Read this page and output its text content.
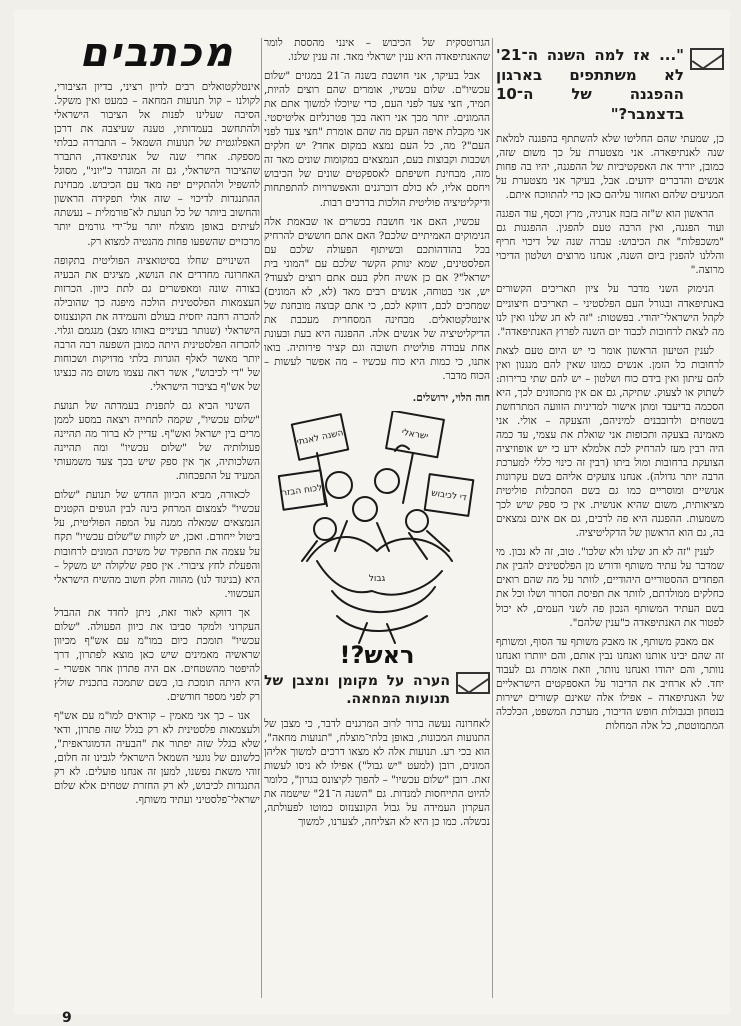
"... אז למה השנה ה־21' לא משתתפים בארגון ההפגנה של ה־10 בדצמבר?"

כן, שמעתי שהם החליטו שלא להשתתף בהפגנה למלאת שנה לאנתיפאדה. אני מצטערת על כך משום שזה, כמובן, יוריד את האפקטיביות של ההפגנה, יהיו בה פחות אנשים והדברים ידועים. אבל, בעיקר אני מצטערת על המניעים שלהם ואחזור עליהם כאן כדי להתווכח איתם.

הראשון הוא ש"זה בזבוז אנרגיה, מרץ וכסף, עוד הפגנה ועוד הפגנה, ואין הרבה טעם להפגין. ההפגנות גם "משכפלות" את הכיבוש: עברה שנה של דיכוי חריף והללנו להפגין ביום השנה, אנחנו מרוצים ושלטון הדיכוי מרוצה."

הנימוק השני מדבר על ציון תאריכים הקשורים באנתיפאדה ובגורל העם הפלסטיני – תאריכים חיצוניים לקהל הישראלי־יהודי. בפשטות: "זה לא חג שלנו ואין לנו מה לצאת לרחובות לכבוד יום השנה לפרוץ האנתיפאדה".

לענין הטיעון הראשון אומר כי יש היום טעם לצאת לרחובות כל הזמן. אנשים כמונו שאין להם מנגנון ואין להם עיתון ואין בידם כוח ושלטון – יש להם שתי ברירות: לשתוק או לצעוק. שתיקה, גם אם אין מתכוונים לכך, היא הסכמה בדיעבד ומתן אישור למדיניות הזוועה המתרחשת בשטחים ולדובבנים למיניהם, והצעקה – אולי. אני מאמינה בצעקה ותכופות אני שואלת את עצמי, עד כמה היה רבין מעז להרחיק לכת אלמלא ידע כי יש אופוזיציה הצועקת ברחובות ומול ביתו (רבין זה כינוי כללי למערכת הרבה יותר גדולה). אנחנו צועקים אליהם בשם עקרונות אנושיים ומוסריים כמו גם בשם הסתכלות פוליטית מציאותית, משום שהיא אנושית. אין כי ספק שיש לכך משמעות. ההפגנה היא פה לרבים, גם אם אינם נמצאים בה, גם הוא הראשון של הדקליטיציה.

לענין "זה לא חג שלנו ולא שלכו". טוב, זה לא נכון. מי שמדבר על עתיד משותף ודורש מן הפלסטינים להבין את הפחדים ההסטוריים היהודיים, לוותר על מה שהם רואים כחלקים ממולדתם, לוותר את תפיסת הסרור ושלו וכל את בשם העתיד המשותף הנכון פה לשני העמים, לא יכול לפטור את האנתיפאדה כ"ענין שלהם".

אם מאבק משותף, אז מאבק משותף עד הסוף, ומשותף זה שהם יבינו אותנו ואנחנו נבין אותם, והם יוותרו ואנחנו נוותר, והם יהודו ואנחנו נוותר, וזאת אומרת גם לעבוד יחד. לא ארחיב את הדיבור על האספקטים הישראליים של האנתיפאדה – אפילו אלה שאינם קשורים ישירות בנטחון ובגבולות חופש הדיבור, מערכת המשפט, הכלכלה המתמוטטת, כל אלה המחלות

הגרוטסקית של הכיבוש – אינני מהססת לומר שהאנתיפאדה היא ענין ישראלי מאד. זה ענין שלנו.

אבל בעיקר, אני חושבת בשנה ה־21 במגזים "שלום עכשיו"ם. שלום עכשיו, אומרים שהם רוצים להיות, תמיד, חצי צעד לפני העם, כדי שיוכלו למשוך אתם את ההמונים. יותר מכך אני רואה בכך פטרנליזם אליטיסטי. אני מקבלת איפה העקם מה שהם אומרת "חצי צעד לפני העם"? מה, כל העם נמצא במקום אחד? יש חלקים ושכבות וקבוצות בעם, הנמצאים במקומות שונים מאד זה מזה, מבחינת חשיפתם לאספקטים שונים של הכיבוש ויחסם אליו, לא כולם דוברגנים והאפשרויות להתפתחות ודיקליטיציה פוליטית הולכות בדרכים רבות.

עכשיו, האם אני חושבת בכשרים או שבאמת אלה הנימוקים האמיתיים שלכם? האם אתם חוששים להרחיק בכל בהזדהותכם ובשיתוף הפעולה שלכם עם הפלסטינים, שמא ינותק הקשר שלכם עם "המוני בית ישראל"? אם כן אשיה חלק בעם אתם רוצים לצעוד? יש, אני בטוחה, אנשים רבים מאד (לא, לא המונים) שמחכים לכם, דווקא לכם, כי אתם קבוצה מובחנת של אינטלקטואלים. מבחינה המסחרית מעכבת את הדיקליטיציה של אנשים אלה. ההפגנה היא בעת ובעונת אחת עבודה פוליטית חשובה וגם קציר פירותיה. בואו אתנו, כי כמות היא כוח עכשיו – מה אפשר לעשות – הכוח מדבר.

חוה הלוי, ירושלים.
השנה לאנתי	ישראלי
לכוח הבזר	די לכיבוש
גבול
ראש?!
הערה על מקומן ומצבן של תנועות המחאה.

לאחרונה נעשה ברור לרוב המרגנים לדבר, כי מצבן של התנועות המכונות, באופן בלתי־מוצלח, "תנועות מחאה", הוא בכי רע. תנועות אלה לא מצאו דרכים למשוך אליהן המונים, רובן (למעט "יש גבול") אפילו לא ניסו לעשות זאת. רובן "שלום עכשיו" – להפוך לקיצונס בגרון", כלומר להיוט התייחסות למנדות. גם "השנה ה־21" שישמה את העקרון העמידה על גבול הקונצנזוס כמוטו לפעולתה, נכשלה. כמו כן היא לא הצליחה, לצערנו, למשוך

מכתבים

אינטלקטואלים רבים לדיון רציני, בדיון הציבורי, לקולנו – קול תנועות המחאה – כמעט ואין משקל. הסיבה שעלינו לפנות אל הציבור הישראלי ולהתחשב בעמדותיו, טענה שעיצבה את דרכן האפלוגטית של תנועות השמאל – התבררה כבלתי מספקת. אחרי שנה של אנתיפאדה, התברר שהציבור הישראלי, גם זה המוגדר כ"יוני", מסוגל להשפיל ולהתקיים יפה מאד עם הכיבוש. מבחינת ההתנגדות לדיכוי – שזה אולי תפקידה הראשון והחשוב ביותר של כל תנועת לא־פורמלית – נעשתה לעיתים באופן מוצלח יותר על־ידי גורמים יותר מרכזיים שהשפעו פחות מהנטיה למצוא רק.

השינויים שחלו בסיטואציה הפוליטית בתקופה האחרונה מחדדים את הנושא, מציגים את הבעיה בצורה שונה ומאפשרים גם לתת כיוון. הכרזות העצמאות הפלסטינית הולכה מיפגה כך שהובילה להכרה רחבה יחסית בעולם והעמידה את הקונצנזוס הישראלי (שנותר בעיניים באותו מצב) מנגמם וגלוי. להכרזה הפלסטינית היתה כמובן השפעה רבה הרבה יותר מאשר לאלף הוגרות בלתי מדויקות ושכוחות של "די לכיבוש", אשר ראה עצמו משום מה כנציגו של אש"ף בציבור הישראלי.

השינוי הביא גם לתפנית בעמדתה של תנועת "שלום עכשיו", שקמה לתחייה ויצאה במסע לממן מרים בין ישראל ואש"ף. עדיין לא ברור מה תהיינה פעולותיה של "שלום עכשיו" ומה תהיינה השלכותיה, אך אין ספק שיש בכך צעד משמעותי המעיד על התפכחות.

לכאורה, מביא הכיוון החדש של תנועת "שלום עכשיו" לצמצום המרחק בינה לבין הגופים הקטנים הנמצאים שמאלה ממנה על המפה הפוליטית, על ביטול ייחודם. ואכן, יש לקוות ש"שלום עכשיו" תקח על עצמה את התפקיד של משיכת המונים לרחובות והפעלת לחץ ציבורי. אין ספק שלקולה יש משקל – היא (בניגוד לנו) מהווה חלק חשוב מהשיח הישראלי העכשווי.

אך דווקא לאור זאת, ניתן לחדד את ההבדל העקרוני ולמקד סביבו את כיוון הפעולה. "שלום עכשיו" תומכת כיום במו"מ עם אש"ף מכיוון שראשיה מאמינים שיש כאן מוצא לפתרון, דרך להיפטר מהשטחים. אם היה פתרון אחר אפשרי – היא היתה תומכת בו, בשם שתמכה בתכנית שולץ רק לפני מספר חודשים.

אנו – כך אני מאמין – קוראים למו"מ עם אש"ף ולעצמאות פלסטינית לא רק בגלל שזה פתרון, ודאי שלא בגלל שזה יפתור את "הבעיה הדמוגראפית", כלשונם של נוגעי השמאל הישראלי לגבינו זה חלום, זוהי משאת נפשנו, למען זה אנחנו פועלים. לא רק התנגדות לכיבוש, לא רק החזרת שטחים אלא שלום ישראלי־פלסטיני ועתיד משותף.

9
